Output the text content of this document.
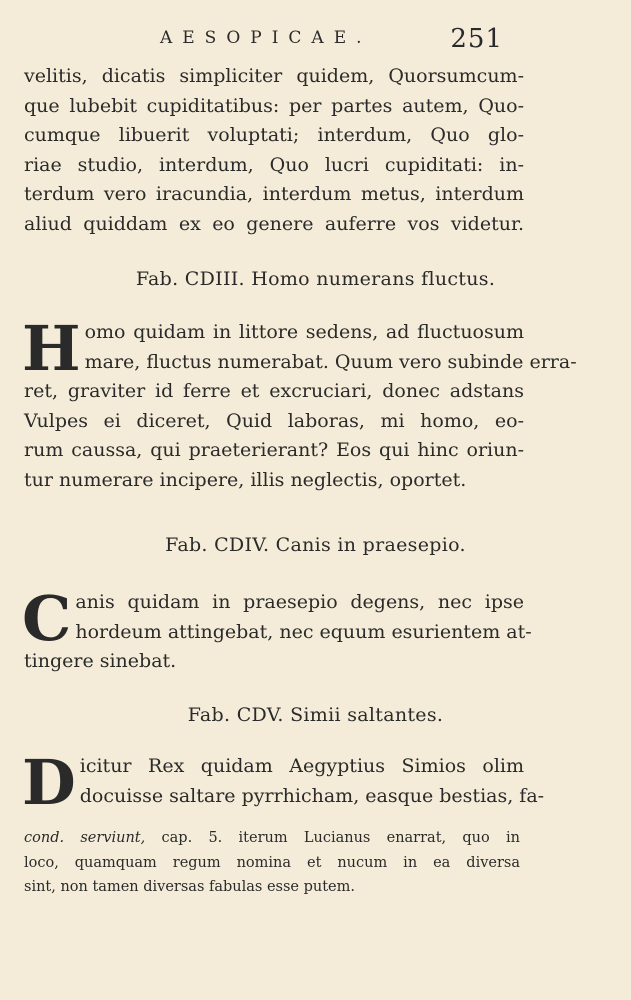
AESOPICAE.	251
velitis, dicatis simpliciter quidem, Quorsumcum-
que lubebit cupiditatibus: per partes autem, Quo-
cumque libuerit voluptati; interdum, Quo glo-
riae studio, interdum, Quo lucri cupiditati: in-
terdum vero iracundia, interdum metus, interdum
aliud quiddam ex eo genere auferre vos videtur.
Fab. CDIII. Homo numerans fluctus.
H omo quidam in littore sedens, ad fluctuosum
mare, fluctus numerabat. Quum vero subinde erra-
ret, graviter id ferre et excruciari, donec adstans
Vulpes ei diceret, Quid laboras, mi homo, eo-
rum caussa, qui praeterierant? Eos qui hinc oriun-
tur numerare incipere, illis neglectis, oportet.
Fab. CDIV. Canis in praesepio.
C anis quidam in praesepio degens, nec ipse
hordeum attingebat, nec equum esurientem at-
tingere sinebat.
Fab. CDV. Simii saltantes.
D icitur Rex quidam Aegyptius Simios olim
docuisse saltare pyrrhicham, easque bestias, fa-
cond. serviunt, cap. 5. iterum Lucianus enarrat, quo in
loco, quamquam regum nomina et nucum in ea diversa
sint, non tamen diversas fabulas esse putem.
